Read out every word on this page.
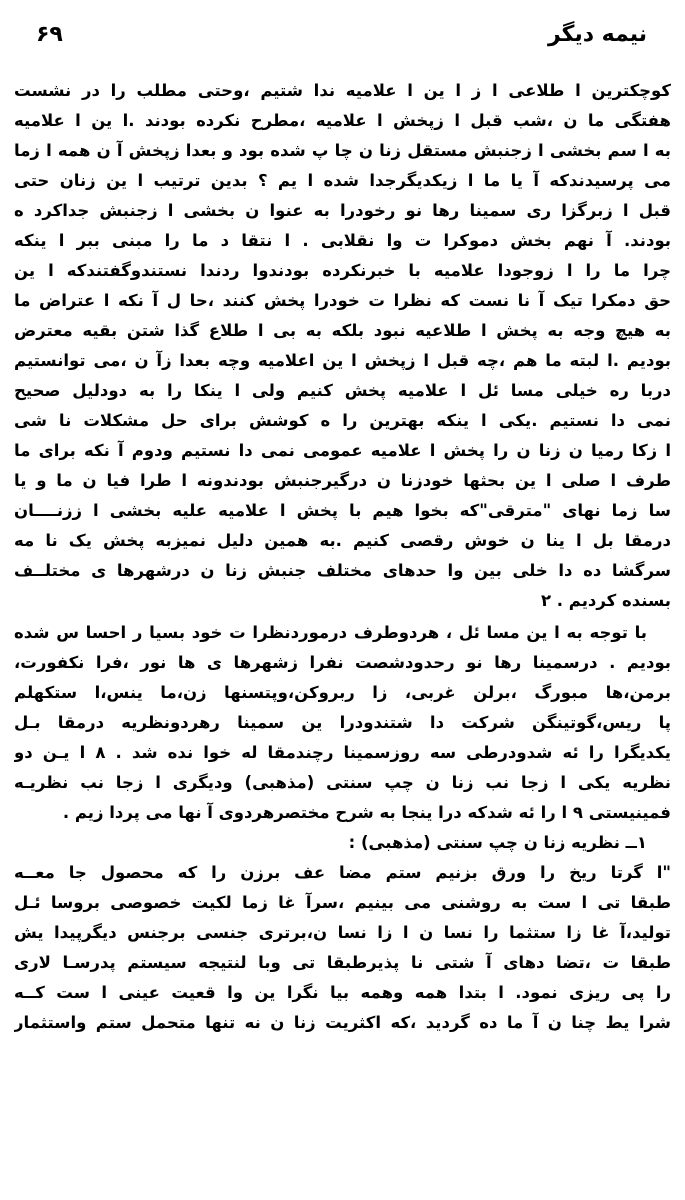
۶۹	نیمه دیگر
کوچکترین ا طلاعی ا ز ا ین ا علامیه ندا شتیم ،وحتی مطلب را در نشست
هفتگی ما ن ،شب قبل ا زپخش ا علامیه ،مطرح نکرده بودند .ا ین ا علامیه
به ا سم بخشی ا زجنبش مستقل زنا ن چا پ شده بود و بعدا زپخش آ ن همه ا زما
می پرسیدندکه آ یا ما ا زیکدیگرجدا شده ا یم ؟ بدین ترتیب ا ین زنان حتی
قبل ا زبرگزا ری سمینا رها نو رخودرا به عنوا ن بخشی ا زجنبش جداکرد ه
بودند. آ نهم بخش دموکرا ت وا نقلابی . ا نتقا د ما را مبنی ببر ا ینکه
چرا ما را ا زوجودا علامیه با خبرنکرده بودندوا ردندا نستندوگفتندکه ا ین
حق دمکرا تیک آ نا نست که نظرا ت خودرا پخش کنند ،حا ل آ نکه ا عتراض ما
به هیچ وجه به پخش ا طلاعیه نبود بلکه به بی ا طلاع گذا شتن بقیه معترض
بودیم .ا لبته ما هم ،چه قبل ا زپخش ا ین اعلامیه وچه بعدا زآ ن ،می توانستیم
دربا ره خیلی مسا ئل ا علامیه پخش کنیم ولی ا ینکا را به دودلیل صحیح
نمی دا نستیم .یکی ا ینکه بهترین را ه کوشش برای حل مشکلات نا شی
ا زکا رمیا ن زنا ن را پخش ا علامیه عمومی نمی دا نستیم ودوم آ نکه برای ما
طرف ا صلی ا ین بحثها خودزنا ن درگیرجنبش بودندونه ا طرا فیا ن ما و یا
سا زما نهای "مترقی"که بخوا هیم با پخش ا علامیه علیه بخشی ا ززنــــان
درمقا بل ا ینا ن خوش رقصی کنیم .به همین دلیل نمیزبه پخش یک نا مه
سرگشا ده دا خلی بین وا حدهای مختلف جنبش زنا ن درشهرها ی مختلــف
بسنده کردیم . ۲
با توجه به ا ین مسا ئل ، هردوطرف درموردنظرا ت خود بسیا ر احسا س شده
بودیم . درسمینا رها نو رحدودشصت نفرا زشهرها ی ها نور ،فرا نکفورت،
برمن،ها مبورگ ،برلن غربی، زا ربروکن،وپتسنها زن،ما ینس،ا ستکهلم
پا ریس،گوتینگن شرکت دا شتندودرا ین سمینا رهردونظریه درمقا بـل
یکدیگرا را ئه شدودرطی سه روزسمینا رچندمقا له خوا نده شد . ۸ ا یـن دو
نظریه یکی ا زجا نب زنا ن چپ سنتی (مذهبی) ودیگری ا زجا نب نظریـه
فمینیستی ۹ ا را ئه شدکه درا ینجا به شرح مختصرهردوی آ نها می پردا زیم .
۱ــ نظریه زنا ن چپ سنتی (مذهبی) :
"ا گرتا ریخ را ورق بزنیم ستم مضا عف برزن را که محصول جا معــه
طبقا تی ا ست به روشنی می بینیم ،سرآ غا زما لکیت خصوصی بروسا ئـل
تولید،آ غا زا ستثما را نسا ن ا زا نسا ن،برتری جنسی برجنس دیگرپیدا یش
طبقا ت ،تضا دهای آ شتی نا پذیرطبقا تی وبا لنتیجه سیستم پدرسـا لاری
را پی ریزی نمود. ا بتدا همه وهمه بیا نگرا ین وا قعیت عینی ا ست کــه
شرا یط چنا ن آ ما ده گردید ،که اکثریت زنا ن نه تنها متحمل ستم واستثمار
